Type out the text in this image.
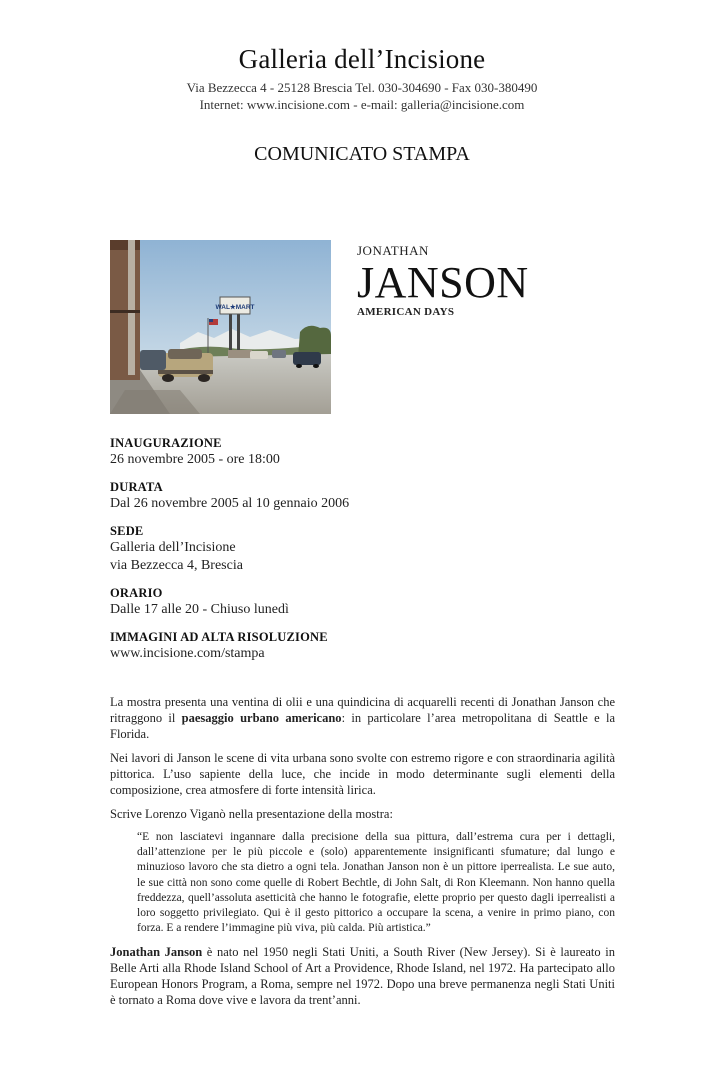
Galleria dell’Incisione
Via Bezzecca 4 - 25128 Brescia Tel. 030-304690 - Fax 030-380490
Internet: www.incisione.com - e-mail: galleria@incisione.com
COMUNICATO STAMPA
WAL★MART
JONATHAN
JANSON
AMERICAN DAYS
INAUGURAZIONE
26 novembre 2005 - ore 18:00
DURATA
Dal 26 novembre 2005 al 10 gennaio 2006
SEDE
Galleria dell’Incisione
via Bezzecca 4, Brescia
ORARIO
Dalle 17 alle 20 - Chiuso lunedì
IMMAGINI AD ALTA RISOLUZIONE
www.incisione.com/stampa

La mostra presenta una ventina di olii e una quindicina di acquarelli recenti di Jonathan Janson che ritraggono il paesaggio urbano americano: in particolare l’area metropolitana di Seattle e la Florida.

Nei lavori di Janson le scene di vita urbana sono svolte con estremo rigore e con straordinaria agilità pittorica. L’uso sapiente della luce, che incide in modo determinante sugli elementi della composizione, crea atmosfere di forte intensità lirica.

Scrive Lorenzo Viganò nella presentazione della mostra:

“E non lasciatevi ingannare dalla precisione della sua pittura, dall’estrema cura per i dettagli, dall’attenzione per le più piccole e (solo) apparentemente insignificanti sfumature; dal lungo e minuzioso lavoro che sta dietro a ogni tela. Jonathan Janson non è un pittore iperrealista. Le sue auto, le sue città non sono come quelle di Robert Bechtle, di John Salt, di Ron Kleemann. Non hanno quella freddezza, quell’assoluta asetticità che hanno le fotografie, elette proprio per questo dagli iperrealisti a loro soggetto privilegiato. Qui è il gesto pittorico a occupare la scena, a venire in primo piano, con forza. E a rendere l’immagine più viva, più calda. Più artistica.”

Jonathan Janson è nato nel 1950 negli Stati Uniti, a South River (New Jersey). Si è laureato in Belle Arti alla Rhode Island School of Art a Providence, Rhode Island, nel 1972. Ha partecipato allo European Honors Program, a Roma, sempre nel 1972. Dopo una breve permanenza negli Stati Uniti è tornato a Roma dove vive e lavora da trent’anni.
